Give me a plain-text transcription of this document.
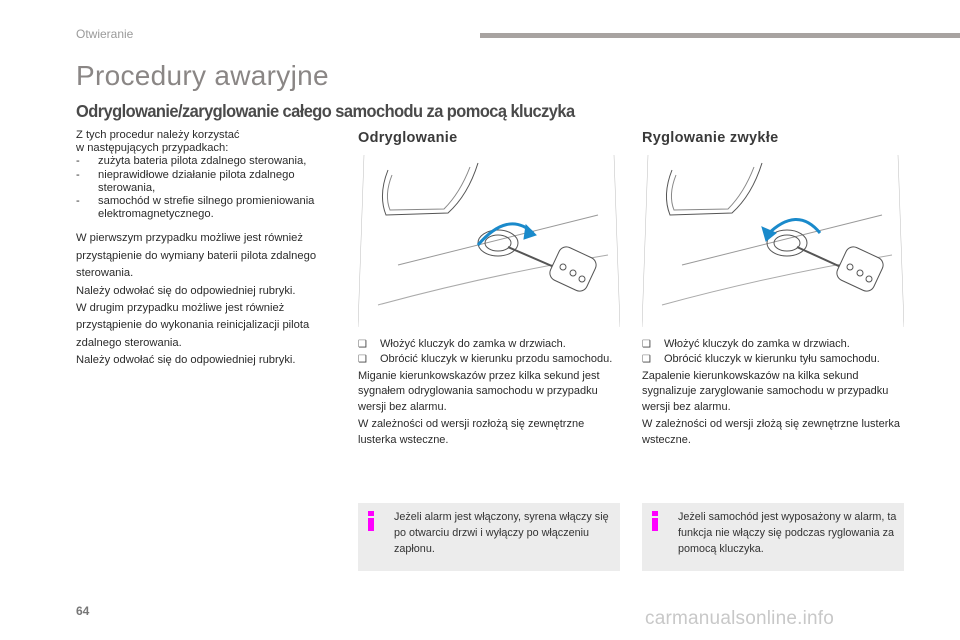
Otwieranie
Procedury awaryjne
Odryglowanie/zaryglowanie całego samochodu za pomocą kluczyka
Z tych procedur należy korzystać
w następujących przypadkach:
-	zużyta bateria pilota zdalnego sterowania,
-	nieprawidłowe działanie pilota zdalnego sterowania,
-	samochód w strefie silnego promieniowania elektromagnetycznego.
W pierwszym przypadku możliwe jest również przystąpienie do wymiany baterii pilota zdalnego sterowania.
Należy odwołać się do odpowiedniej rubryki.
W drugim przypadku możliwe jest również przystąpienie do wykonania reinicjalizacji pilota zdalnego sterowania.
Należy odwołać się do odpowiedniej rubryki.
Odryglowanie
❑	Włożyć kluczyk do zamka w drzwiach.
❑	Obrócić kluczyk w kierunku przodu samochodu.
Miganie kierunkowskazów przez kilka sekund jest sygnałem odryglowania samochodu w przypadku wersji bez alarmu.
W zależności od wersji rozłożą się zewnętrzne lusterka wsteczne.
Jeżeli alarm jest włączony, syrena włączy się po otwarciu drzwi i wyłączy po włączeniu zapłonu.
Ryglowanie zwykłe
❑	Włożyć kluczyk do zamka w drzwiach.
❑	Obrócić kluczyk w kierunku tyłu samochodu.
Zapalenie kierunkowskazów na kilka sekund sygnalizuje zaryglowanie samochodu w przypadku wersji bez alarmu.
W zależności od wersji złożą się zewnętrzne lusterka wsteczne.
Jeżeli samochód jest wyposażony w alarm, ta funkcja nie włączy się podczas ryglowania za pomocą kluczyka.
64	carmanualsonline.info
